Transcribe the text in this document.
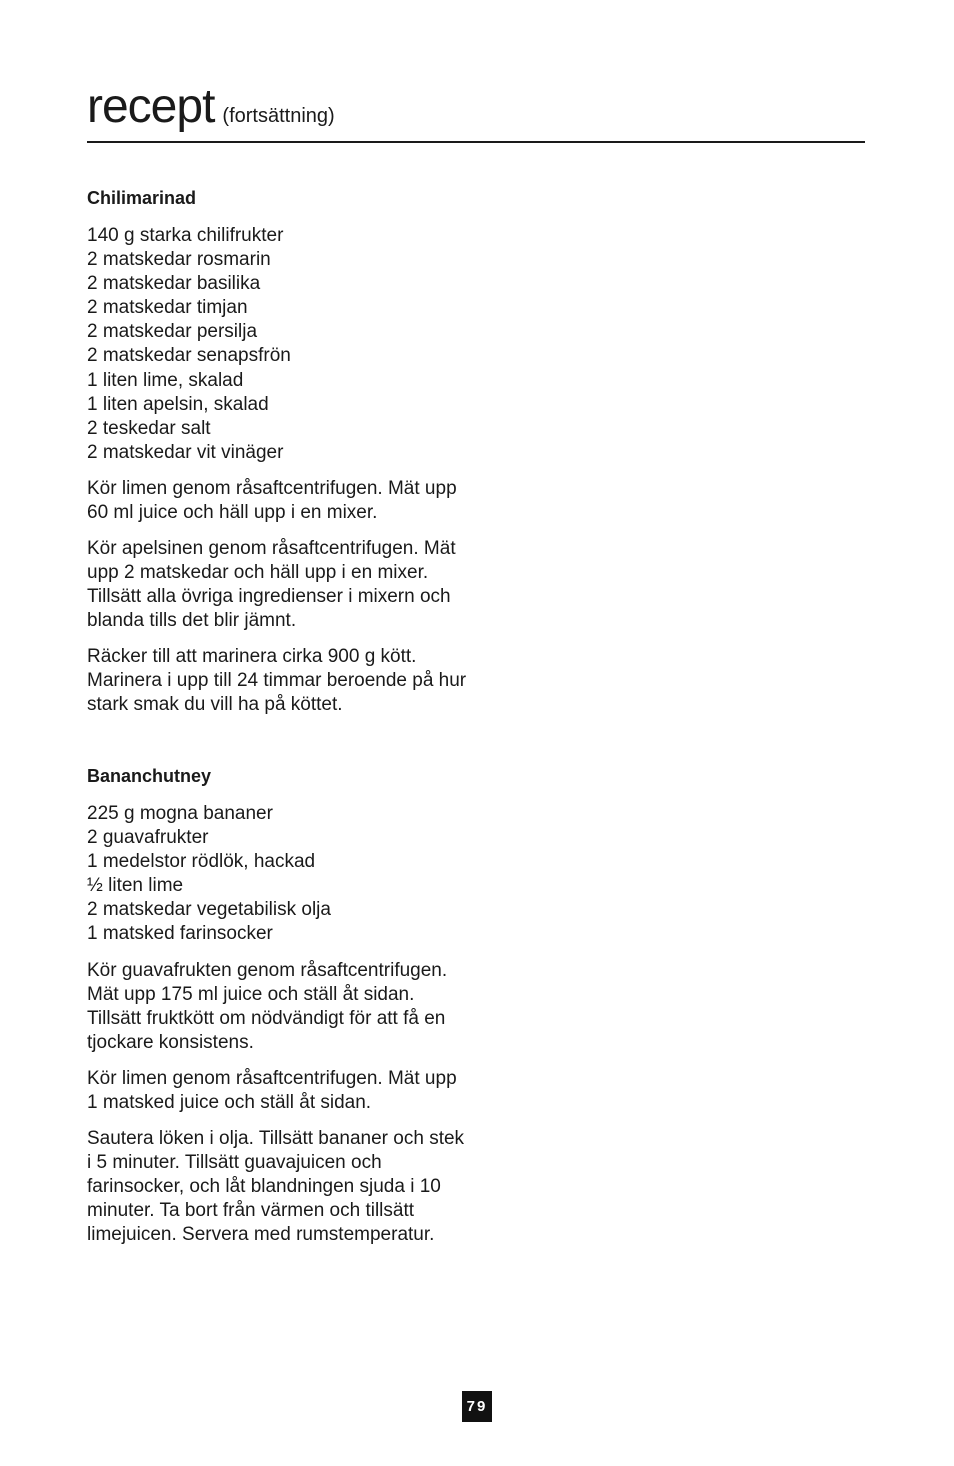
recept (fortsättning)
Chilimarinad
140 g starka chilifrukter
2 matskedar rosmarin
2 matskedar basilika
2 matskedar timjan
2 matskedar persilja
2 matskedar senapsfrön
1 liten lime, skalad
1 liten apelsin, skalad
2 teskedar salt
2 matskedar vit vinäger

Kör limen genom råsaftcentrifugen. Mät upp 60 ml juice och häll upp i en mixer.

Kör apelsinen genom råsaftcentrifugen. Mät upp 2 matskedar och häll upp i en mixer. Tillsätt alla övriga ingredienser i mixern och blanda tills det blir jämnt.

Räcker till att marinera cirka 900 g kött. Marinera i upp till 24 timmar beroende på hur stark smak du vill ha på köttet.

Bananchutney
225 g mogna bananer
2 guavafrukter
1 medelstor rödlök, hackad
½ liten lime
2 matskedar vegetabilisk olja
1 matsked farinsocker

Kör guavafrukten genom råsaftcentrifugen. Mät upp 175 ml juice och ställ åt sidan. Tillsätt fruktkött om nödvändigt för att få en tjockare konsistens.

Kör limen genom råsaftcentrifugen. Mät upp 1 matsked juice och ställ åt sidan.

Sautera löken i olja. Tillsätt bananer och stek i 5 minuter. Tillsätt guavajuicen och farinsocker, och låt blandningen sjuda i 10 minuter. Ta bort från värmen och tillsätt limejuicen. Servera med rumstemperatur.

79
